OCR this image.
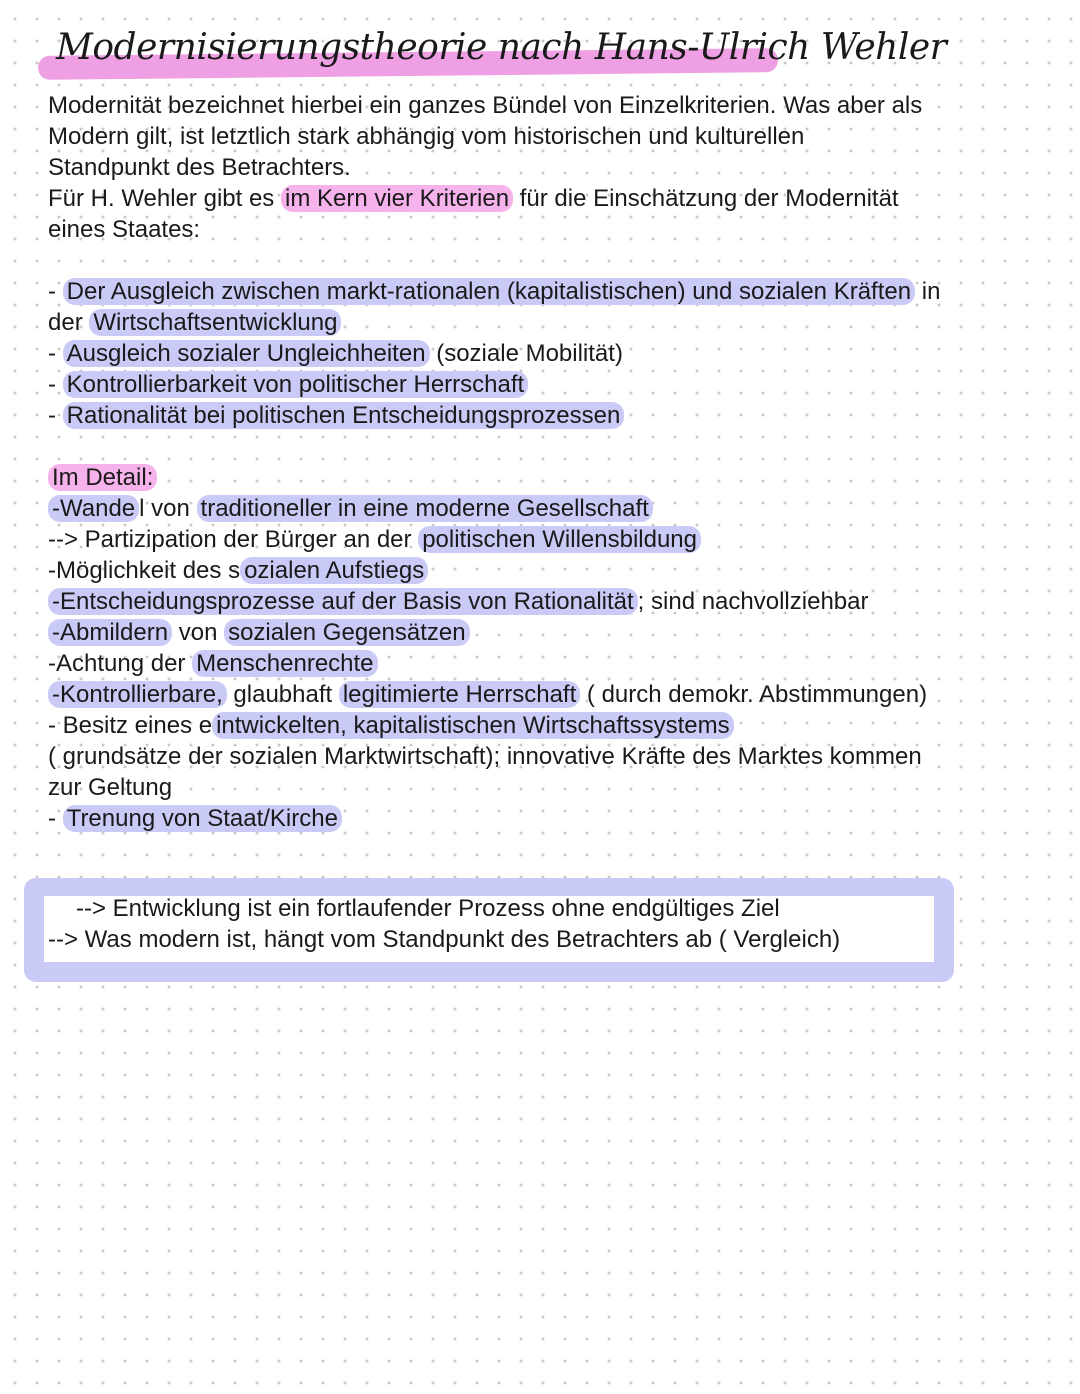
Modernisierungstheorie nach Hans-Ulrich Wehler

Modernität bezeichnet hierbei ein ganzes Bündel von Einzelkriterien. Was aber als

Modern gilt, ist letztlich stark abhängig vom historischen und kulturellen

Standpunkt des Betrachters.

Für H. Wehler gibt es im Kern vier Kriterien für die Einschätzung der Modernität

eines Staates:

- Der Ausgleich zwischen markt-rationalen (kapitalistischen) und sozialen Kräften in

der Wirtschaftsentwicklung

- Ausgleich sozialer Ungleichheiten (soziale Mobilität)

- Kontrollierbarkeit von politischer Herrschaft

- Rationalität bei politischen Entscheidungsprozessen

Im Detail:

-Wande l von traditioneller in eine moderne Gesellschaft

--> Partizipation der Bürger an der politischen Willensbildung

-Möglichkeit des s ozialen Aufstiegs

-Entscheidungsprozesse auf der Basis von Rationalität ; sind nachvollziehbar

-Abmildern von sozialen Gegensätzen

-Achtung der Menschenrechte

-Kontrollierbare, glaubhaft legitimierte Herrschaft ( durch demokr. Abstimmungen)

- Besitz eines e intwickelten, kapitalistischen Wirtschaftssystems

( grundsätze der sozialen Marktwirtschaft); innovative Kräfte des Marktes kommen

zur Geltung

- Trenung von Staat/Kirche

--> Entwicklung ist ein fortlaufender Prozess ohne endgültiges Ziel

--> Was modern ist, hängt vom Standpunkt des Betrachters ab ( Vergleich)
